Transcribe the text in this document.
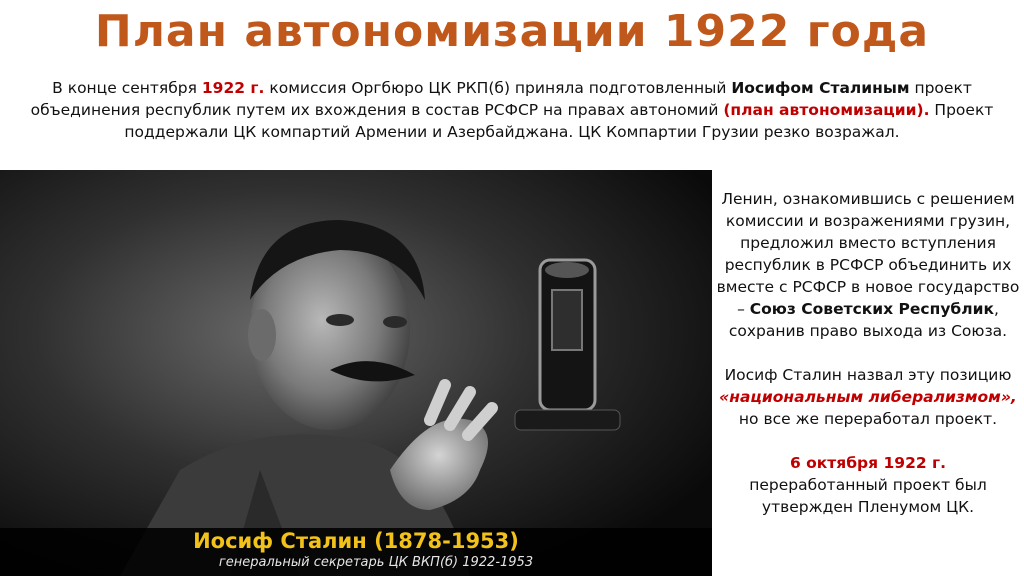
План автономизации 1922 года
В конце сентября 1922 г. комиссия Оргбюро ЦК РКП(б) приняла подготовленный Иосифом Сталиным проект объединения республик путем их вхождения в состав РСФСР на правах автономий (план автономизации). Проект поддержали ЦК компартий Армении и Азербайджана. ЦК Компартии Грузии резко возражал.
Иосиф Сталин (1878-1953)
генеральный секретарь ЦК ВКП(б) 1922-1953

Ленин, ознакомившись с решением комиссии и возражениями грузин, предложил вместо вступления республик в РСФСР объединить их вместе с РСФСР в новое государство – Союз Советских Республик, сохранив право выхода из Союза.

Иосиф Сталин назвал эту позицию
«национальным либерализмом»,
но все же переработал проект.

6 октября 1922 г.
переработанный проект был утвержден Пленумом ЦК.
